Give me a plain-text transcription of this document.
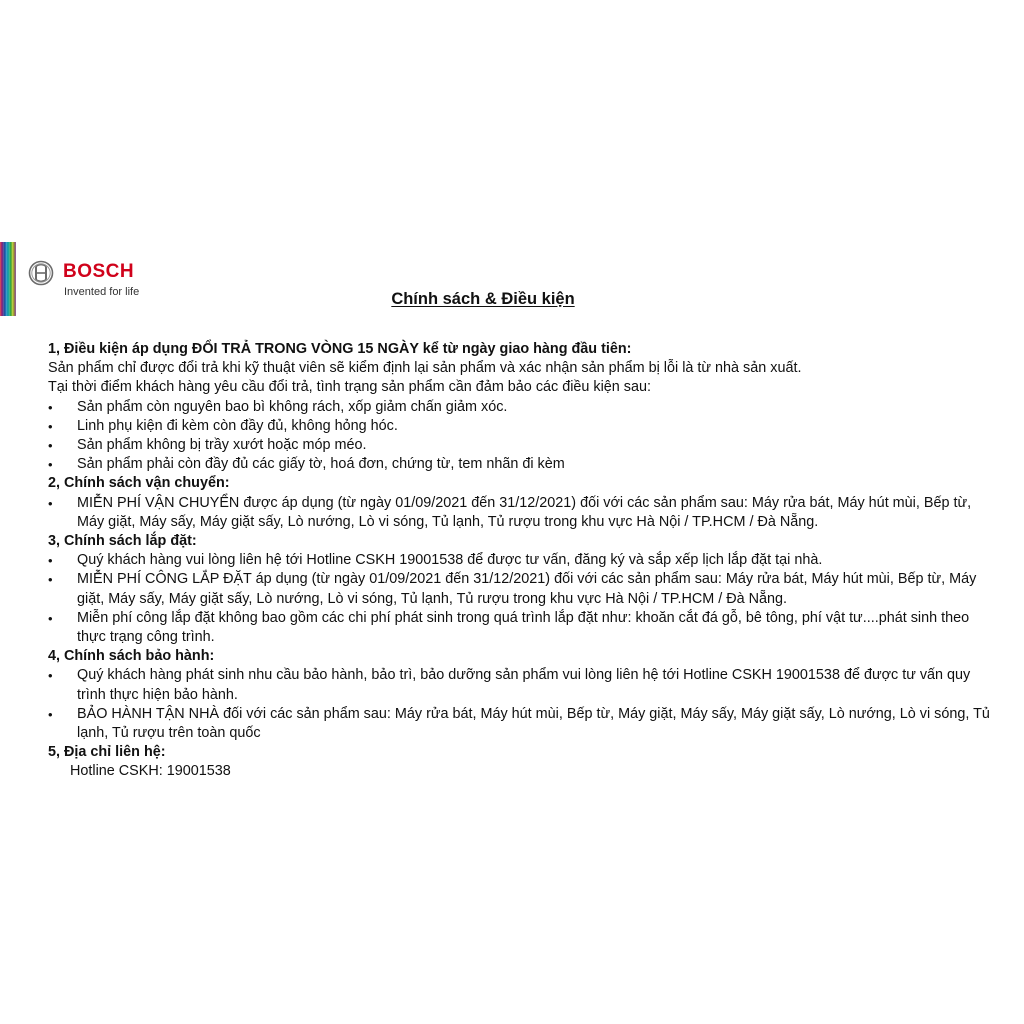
BOSCH
Invented for life	Chính sách & Điều kiện
1, Điều kiện áp dụng ĐỔI TRẢ TRONG VÒNG 15 NGÀY kể từ ngày giao hàng đầu tiên:
Sản phẩm chỉ được đổi trả khi kỹ thuật viên sẽ kiểm định lại sản phẩm và xác nhận sản phẩm bị lỗi là từ nhà sản xuất.
Tại thời điểm khách hàng yêu cầu đổi trả, tình trạng sản phẩm cần đảm bảo các điều kiện sau:
• Sản phẩm còn nguyên bao bì không rách, xốp giảm chấn giảm xóc.
• Linh phụ kiện đi kèm còn đầy đủ, không hỏng hóc.
• Sản phẩm không bị trầy xướt hoặc móp méo.
• Sản phẩm phải còn đầy đủ các giấy tờ, hoá đơn, chứng từ, tem nhãn đi kèm
2, Chính sách vận chuyển:
• MIỄN PHÍ VẬN CHUYỂN được áp dụng (từ ngày 01/09/2021 đến 31/12/2021) đối với các sản phẩm sau: Máy rửa bát, Máy hút mùi, Bếp từ, Máy giặt, Máy sấy, Máy giặt sấy, Lò nướng, Lò vi sóng, Tủ lạnh, Tủ rượu trong khu vực Hà Nội / TP.HCM / Đà Nẵng.
3, Chính sách lắp đặt:
• Quý khách hàng vui lòng liên hệ tới Hotline CSKH 19001538 để được tư vấn, đăng ký và sắp xếp lịch lắp đặt tại nhà.
• MIỄN PHÍ CÔNG LẮP ĐẶT áp dụng (từ ngày 01/09/2021 đến 31/12/2021) đối với các sản phẩm sau: Máy rửa bát, Máy hút mùi, Bếp từ, Máy giặt, Máy sấy, Máy giặt sấy, Lò nướng, Lò vi sóng, Tủ lạnh, Tủ rượu trong khu vực Hà Nội / TP.HCM / Đà Nẵng.
• Miễn phí công lắp đặt không bao gồm các chi phí phát sinh trong quá trình lắp đặt như: khoăn cắt đá gỗ, bê tông, phí vật tư....phát sinh theo thực trạng công trình.
4, Chính sách bảo hành:
• Quý khách hàng phát sinh nhu cầu bảo hành, bảo trì, bảo dưỡng sản phẩm vui lòng liên hệ tới Hotline CSKH 19001538 để được tư vấn quy trình thực hiện bảo hành.
• BẢO HÀNH TẬN NHÀ đối với các sản phẩm sau: Máy rửa bát, Máy hút mùi, Bếp từ, Máy giặt, Máy sấy, Máy giặt sấy, Lò nướng, Lò vi sóng, Tủ lạnh, Tủ rượu trên toàn quốc
5, Địa chỉ liên hệ:
Hotline CSKH: 19001538
